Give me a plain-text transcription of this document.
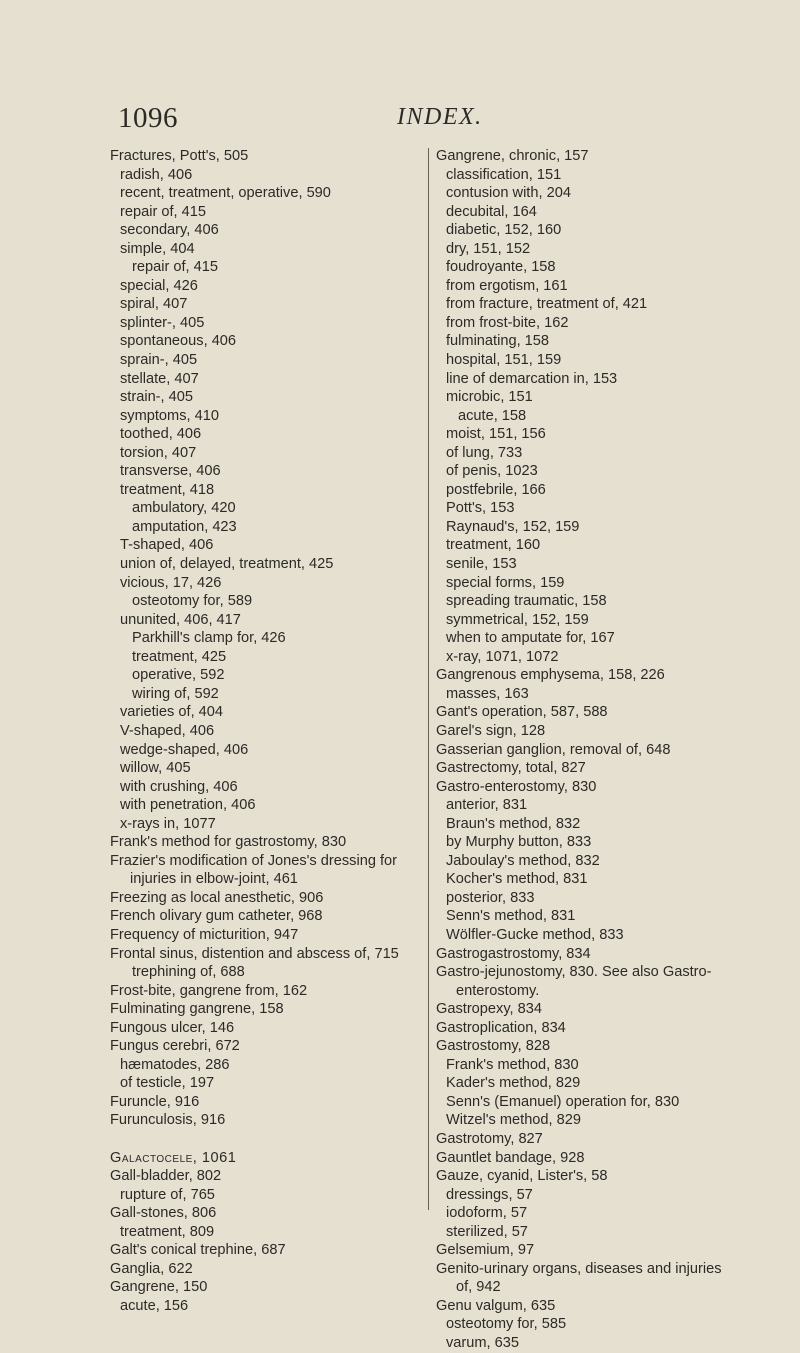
1096	INDEX.
Fractures, Pott's, 505
radish, 406
recent, treatment, operative, 590
repair of, 415
secondary, 406
simple, 404
repair of, 415
special, 426
spiral, 407
splinter-, 405
spontaneous, 406
sprain-, 405
stellate, 407
strain-, 405
symptoms, 410
toothed, 406
torsion, 407
transverse, 406
treatment, 418
ambulatory, 420
amputation, 423
T-shaped, 406
union of, delayed, treatment, 425
vicious, 17, 426
osteotomy for, 589
ununited, 406, 417
Parkhill's clamp for, 426
treatment, 425
operative, 592
wiring of, 592
varieties of, 404
V-shaped, 406
wedge-shaped, 406
willow, 405
with crushing, 406
with penetration, 406
x-rays in, 1077
Frank's method for gastrostomy, 830
Frazier's modification of Jones's dressing for injuries in elbow-joint, 461
Freezing as local anesthetic, 906
French olivary gum catheter, 968
Frequency of micturition, 947
Frontal sinus, distention and abscess of, 715
trephining of, 688
Frost-bite, gangrene from, 162
Fulminating gangrene, 158
Fungous ulcer, 146
Fungus cerebri, 672
hæmatodes, 286
of testicle, 197
Furuncle, 916
Furunculosis, 916
Galactocele, 1061
Gall-bladder, 802
rupture of, 765
Gall-stones, 806
treatment, 809
Galt's conical trephine, 687
Ganglia, 622
Gangrene, 150
acute, 156
Gangrene, chronic, 157
classification, 151
contusion with, 204
decubital, 164
diabetic, 152, 160
dry, 151, 152
foudroyante, 158
from ergotism, 161
from fracture, treatment of, 421
from frost-bite, 162
fulminating, 158
hospital, 151, 159
line of demarcation in, 153
microbic, 151
acute, 158
moist, 151, 156
of lung, 733
of penis, 1023
postfebrile, 166
Pott's, 153
Raynaud's, 152, 159
treatment, 160
senile, 153
special forms, 159
spreading traumatic, 158
symmetrical, 152, 159
when to amputate for, 167
x-ray, 1071, 1072
Gangrenous emphysema, 158, 226
masses, 163
Gant's operation, 587, 588
Garel's sign, 128
Gasserian ganglion, removal of, 648
Gastrectomy, total, 827
Gastro-enterostomy, 830
anterior, 831
Braun's method, 832
by Murphy button, 833
Jaboulay's method, 832
Kocher's method, 831
posterior, 833
Senn's method, 831
Wölfler-Gucke method, 833
Gastrogastrostomy, 834
Gastro-jejunostomy, 830. See also Gastro-enterostomy.
Gastropexy, 834
Gastroplication, 834
Gastrostomy, 828
Frank's method, 830
Kader's method, 829
Senn's (Emanuel) operation for, 830
Witzel's method, 829
Gastrotomy, 827
Gauntlet bandage, 928
Gauze, cyanid, Lister's, 58
dressings, 57
iodoform, 57
sterilized, 57
Gelsemium, 97
Genito-urinary organs, diseases and injuries of, 942
Genu valgum, 635
osteotomy for, 585
varum, 635
